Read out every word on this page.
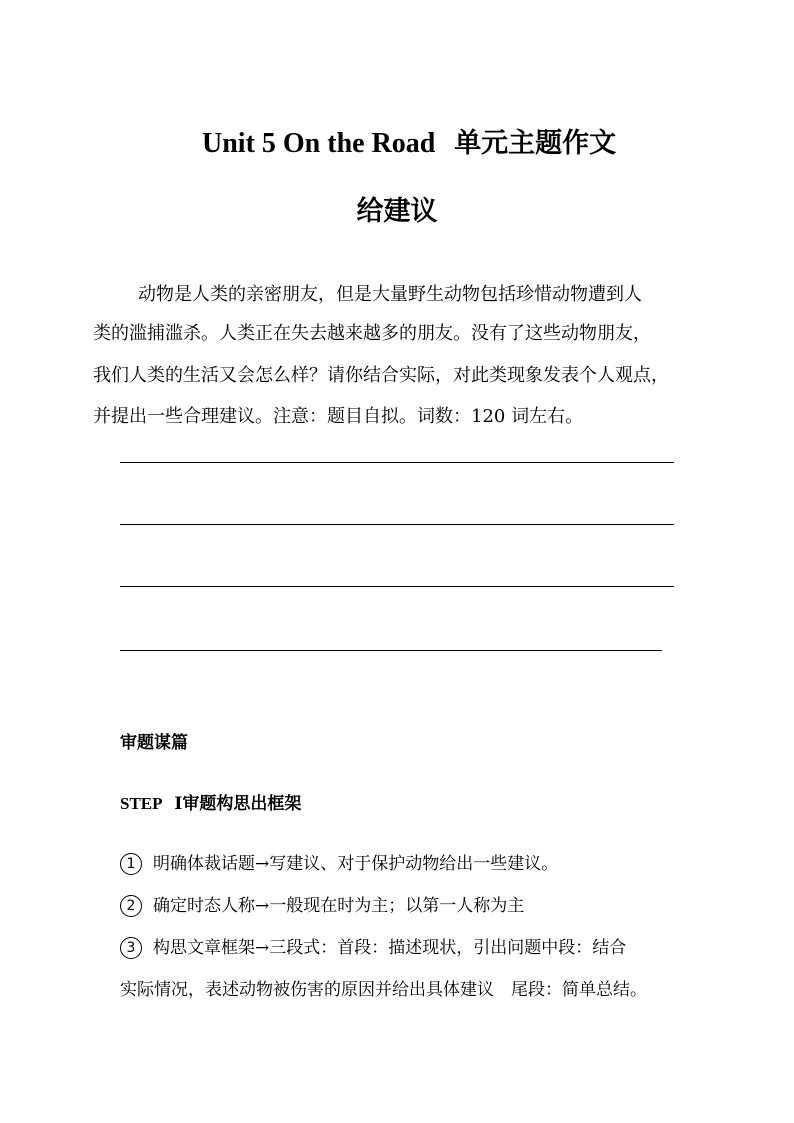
Unit 5 On the Road 单元主题作文
给建议
动物是人类的亲密朋友，但是大量野生动物包括珍惜动物遭到人
类的滥捕滥杀。人类正在失去越来越多的朋友。没有了这些动物朋友，
我们人类的生活又会怎么样？请你结合实际，对此类现象发表个人观点，
并提出一些合理建议。注意：题目自拟。词数：120 词左右。
审题谋篇
STEP Ⅰ审题构思出框架
1 明确体裁话题→写建议、对于保护动物给出一些建议。
2 确定时态人称→一般现在时为主；以第一人称为主
3 构思文章框架→三段式：首段：描述现状，引出问题中段：结合
实际情况，表述动物被伤害的原因并给出具体建议　尾段：简单总结。
